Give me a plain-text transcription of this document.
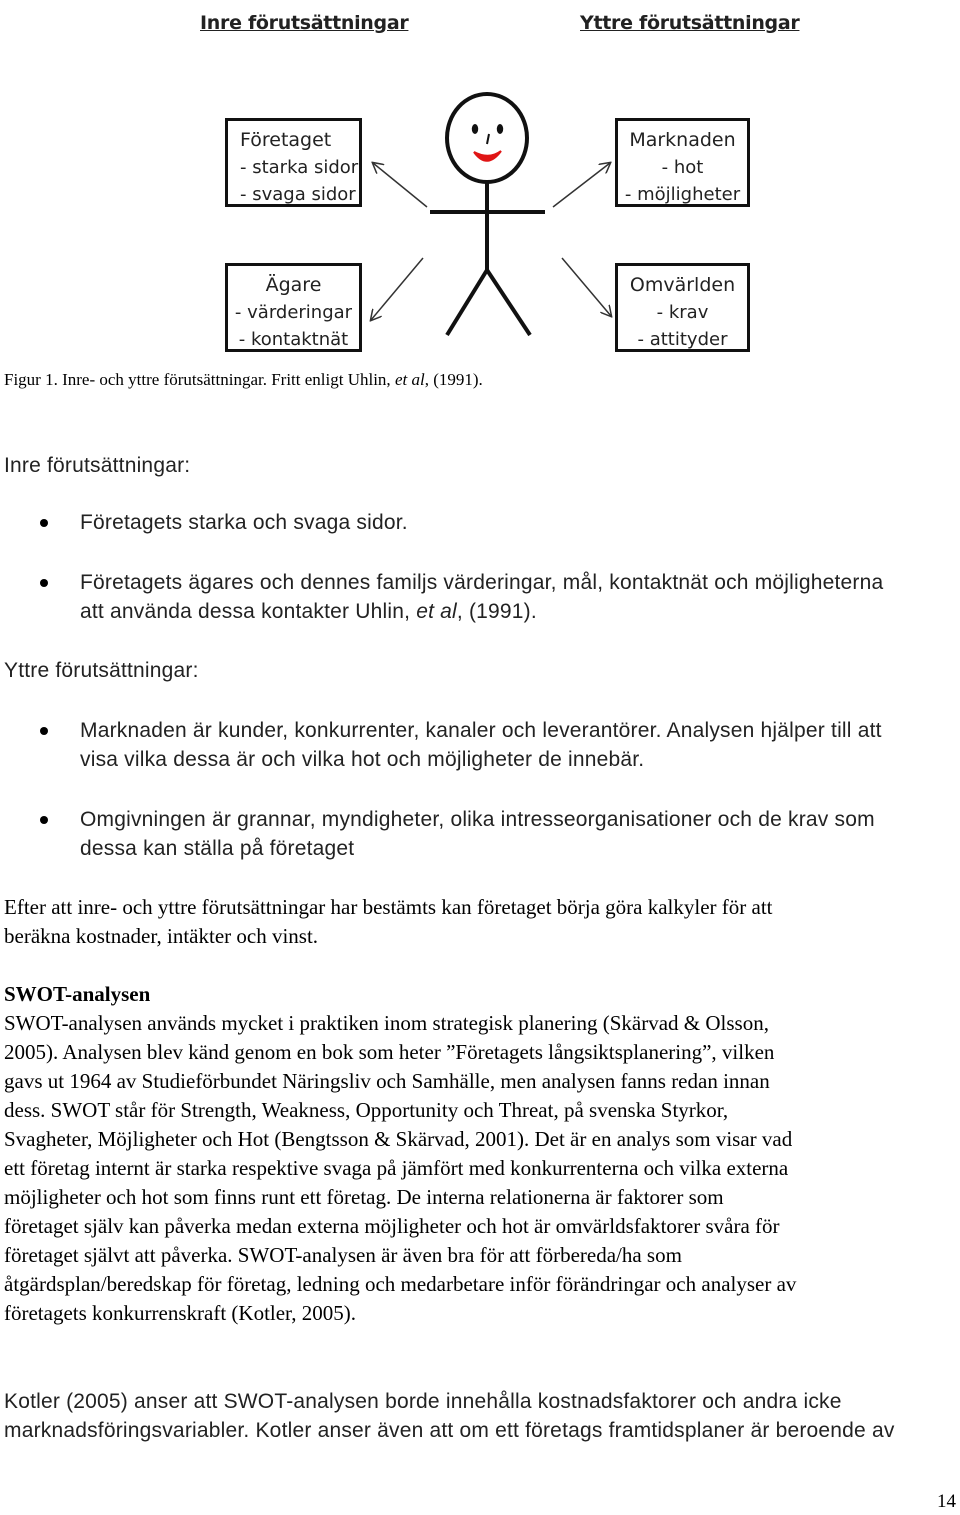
Inre förutsättningar	Yttre förutsättningar
Företaget
- starka sidor
- svaga sidor
Marknaden
- hot
- möjligheter
Ägare
- värderingar
- kontaktnät
Omvärlden
- krav
- attityder
Figur 1. Inre- och yttre förutsättningar. Fritt enligt Uhlin, et al, (1991).
Inre förutsättningar:
Företagets starka och svaga sidor.
Företagets ägares och dennes familjs värderingar, mål, kontaktnät och möjligheterna
att använda dessa kontakter Uhlin, et al, (1991).
Yttre förutsättningar:
Marknaden är kunder, konkurrenter, kanaler och leverantörer. Analysen hjälper till att
visa vilka dessa är och vilka hot och möjligheter de innebär.
Omgivningen är grannar, myndigheter, olika intresseorganisationer och de krav som
dessa kan ställa på företaget
Efter att inre- och yttre förutsättningar har bestämts kan företaget börja göra kalkyler för att
beräkna kostnader, intäkter och vinst.
SWOT-analysen
SWOT-analysen används mycket i praktiken inom strategisk planering (Skärvad & Olsson,
2005). Analysen blev känd genom en bok som heter ”Företagets långsiktsplanering”, vilken
gavs ut 1964 av Studieförbundet Näringsliv och Samhälle, men analysen fanns redan innan
dess. SWOT står för Strength, Weakness, Opportunity och Threat, på svenska Styrkor,
Svagheter, Möjligheter och Hot (Bengtsson & Skärvad, 2001). Det är en analys som visar vad
ett företag internt är starka respektive svaga på jämfört med konkurrenterna och vilka externa
möjligheter och hot som finns runt ett företag. De interna relationerna är faktorer som
företaget själv kan påverka medan externa möjligheter och hot är omvärldsfaktorer svåra för
företaget självt att påverka. SWOT-analysen är även bra för att förbereda/ha som
åtgärdsplan/beredskap för företag, ledning och medarbetare inför förändringar och analyser av
företagets konkurrenskraft (Kotler, 2005).
Kotler (2005) anser att SWOT-analysen borde innehålla kostnadsfaktorer och andra icke
marknadsföringsvariabler. Kotler anser även att om ett företags framtidsplaner är beroende av
14
